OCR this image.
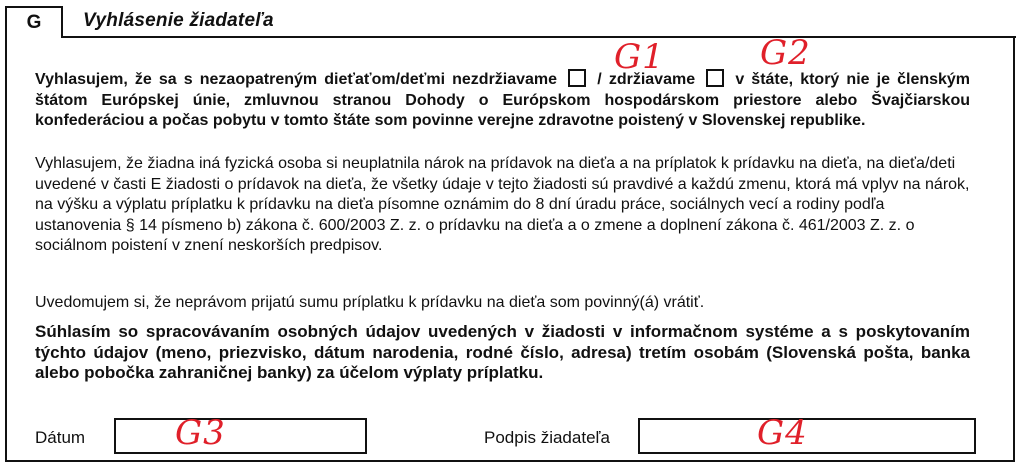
G	Vyhlásenie žiadateľa
G1	G2
Vyhlasujem, že sa s nezaopatreným dieťaťom/deťmi nezdržiavame	/ zdržiavame	v štáte, ktorý nie je členským štátom Európskej únie, zmluvnou stranou Dohody o Európskom hospodárskom priestore alebo Švajčiarskou konfederáciou a počas pobytu v tomto štáte som povinne verejne zdravotne poistený v Slovenskej republike.
Vyhlasujem, že žiadna iná fyzická osoba si neuplatnila nárok na prídavok na dieťa a na príplatok k prídavku na dieťa, na dieťa/deti uvedené v časti E žiadosti o prídavok na dieťa, že všetky údaje v tejto žiadosti sú pravdivé a každú zmenu, ktorá má vplyv na nárok, na výšku a výplatu príplatku k prídavku na dieťa písomne oznámim do 8 dní úradu práce, sociálnych vecí a rodiny podľa ustanovenia § 14 písmeno b) zákona č. 600/2003 Z. z. o prídavku na dieťa a o zmene a doplnení zákona č. 461/2003 Z. z. o sociálnom poistení v znení neskorších predpisov.
Uvedomujem si, že neprávom prijatú sumu príplatku k prídavku na dieťa som povinný(á) vrátiť.
Súhlasím so spracovávaním osobných údajov uvedených v žiadosti v informačnom systéme a s poskytovaním týchto údajov (meno, priezvisko, dátum narodenia, rodné číslo, adresa) tretím osobám (Slovenská pošta, banka alebo pobočka zahraničnej banky) za účelom výplaty príplatku.
Dátum	G3	Podpis žiadateľa	G4
